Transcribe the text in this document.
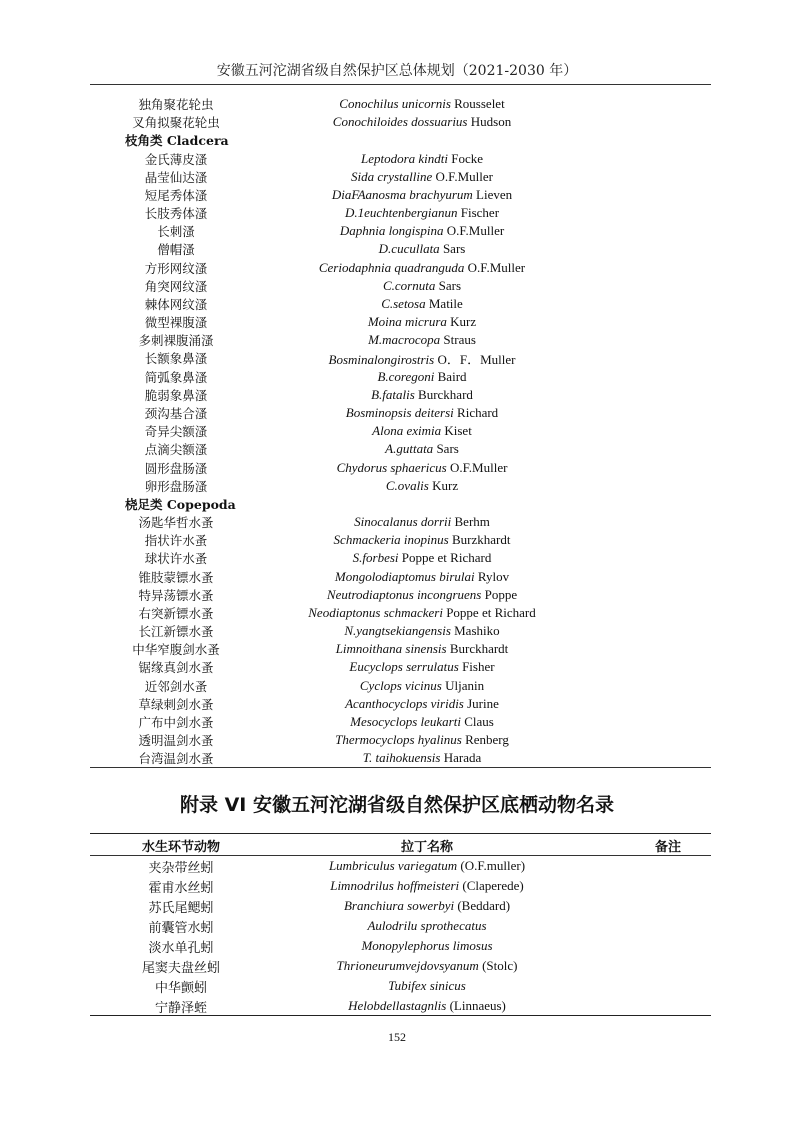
安徽五河沱湖省级自然保护区总体规划（2021-2030 年）
独角聚花轮虫	Conochilus unicornis Rousselet
叉角拟聚花轮虫	Conochiloides dossuarius Hudson
枝角类 Cladcera
金氏薄皮溞	Leptodora kindti Focke
晶莹仙达溞	Sida crystalline O.F.Muller
短尾秀体溞	DiaFAanosma brachyurum Lieven
长肢秀体溞	D.1euchtenbergianun Fischer
长刺溞	Daphnia longispina O.F.Muller
僧帽溞	D.cucullata Sars
方形网纹溞	Ceriodaphnia quadranguda O.F.Muller
角突网纹溞	C.cornuta Sars
棘体网纹溞	C.setosa Matile
微型裸腹溞	Moina micrura Kurz
多刺裸腹涌溞	M.macrocopa Straus
长额象鼻溞	Bosminalongirostris O．F．Muller
简弧象鼻溞	B.coregoni Baird
脆弱象鼻溞	B.fatalis Burckhard
颈沟基合溞	Bosminopsis deitersi Richard
奇异尖额溞	Alona eximia Kiset
点滴尖额溞	A.guttata Sars
圆形盘肠溞	Chydorus sphaericus O.F.Muller
卵形盘肠溞	C.ovalis Kurz
桡足类 Copepoda
汤匙华哲水蚤	Sinocalanus dorrii Berhm
指状许水蚤	Schmackeria inopinus Burzkhardt
球状许水蚤	S.forbesi Poppe et Richard
锥肢蒙镖水蚤	Mongolodiaptomus birulai Rylov
特异荡镖水蚤	Neutrodiaptonus incongruens Poppe
右突新镖水蚤	Neodiaptonus schmackeri Poppe et Richard
长江新镖水蚤	N.yangtsekiangensis Mashiko
中华窄腹剑水蚤	Limnoithana sinensis Burckhardt
锯缘真剑水蚤	Eucyclops serrulatus Fisher
近邻剑水蚤	Cyclops vicinus Uljanin
草绿刺剑水蚤	Acanthocyclops viridis Jurine
广布中剑水蚤	Mesocyclops leukarti Claus
透明温剑水蚤	Thermocyclops hyalinus Renberg
台湾温剑水蚤	T. taihokuensis Harada
附录 VI 安徽五河沱湖省级自然保护区底栖动物名录
水生环节动物	拉丁名称	备注
夹杂带丝蚓	Lumbriculus variegatum (O.F.muller)
霍甫水丝蚓	Limnodrilus hoffmeisteri (Claperede)
苏氏尾鳃蚓	Branchiura sowerbyi (Beddard)
前囊管水蚓	Aulodrilu sprothecatus
淡水单孔蚓	Monopylephorus limosus
尾窦夫盘丝蚓	Thrioneurumvejdovsyanum (Stolc)
中华颤蚓	Tubifex sinicus
宁静泽蛭	Helobdellastagnlis (Linnaeus)
152
